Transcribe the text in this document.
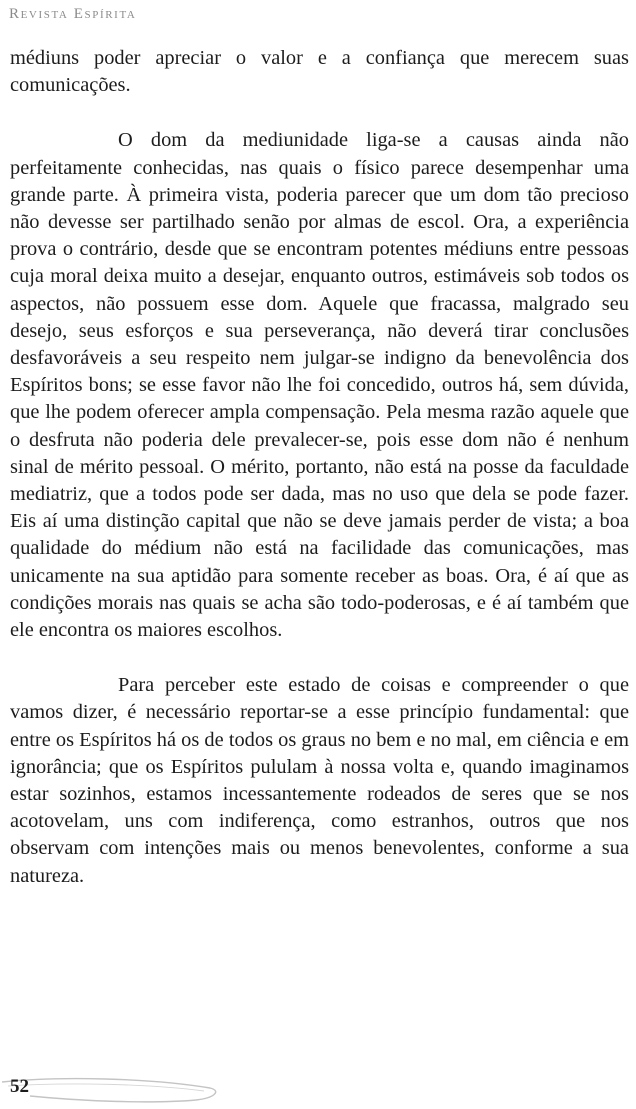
Revista Espírita

médiuns poder apreciar o valor e a confiança que merecem suas comunicações.

O dom da mediunidade liga-se a causas ainda não perfeitamente conhecidas, nas quais o físico parece desempenhar uma grande parte. À primeira vista, poderia parecer que um dom tão precioso não devesse ser partilhado senão por almas de escol. Ora, a experiência prova o contrário, desde que se encontram potentes médiuns entre pessoas cuja moral deixa muito a desejar, enquanto outros, estimáveis sob todos os aspectos, não possuem esse dom. Aquele que fracassa, malgrado seu desejo, seus esforços e sua perseverança, não deverá tirar conclusões desfavoráveis a seu respeito nem julgar-se indigno da benevolência dos Espíritos bons; se esse favor não lhe foi concedido, outros há, sem dúvida, que lhe podem oferecer ampla compensação. Pela mesma razão aquele que o desfruta não poderia dele prevalecer-se, pois esse dom não é nenhum sinal de mérito pessoal. O mérito, portanto, não está na posse da faculdade mediatriz, que a todos pode ser dada, mas no uso que dela se pode fazer. Eis aí uma distinção capital que não se deve jamais perder de vista; a boa qualidade do médium não está na facilidade das comunicações, mas unicamente na sua aptidão para somente receber as boas. Ora, é aí que as condições morais nas quais se acha são todo-poderosas, e é aí também que ele encontra os maiores escolhos.

Para perceber este estado de coisas e compreender o que vamos dizer, é necessário reportar-se a esse princípio fundamental: que entre os Espíritos há os de todos os graus no bem e no mal, em ciência e em ignorância; que os Espíritos pululam à nossa volta e, quando imaginamos estar sozinhos, estamos incessantemente rodeados de seres que se nos acotovelam, uns com indiferença, como estranhos, outros que nos observam com intenções mais ou menos benevolentes, conforme a sua natureza.

52
